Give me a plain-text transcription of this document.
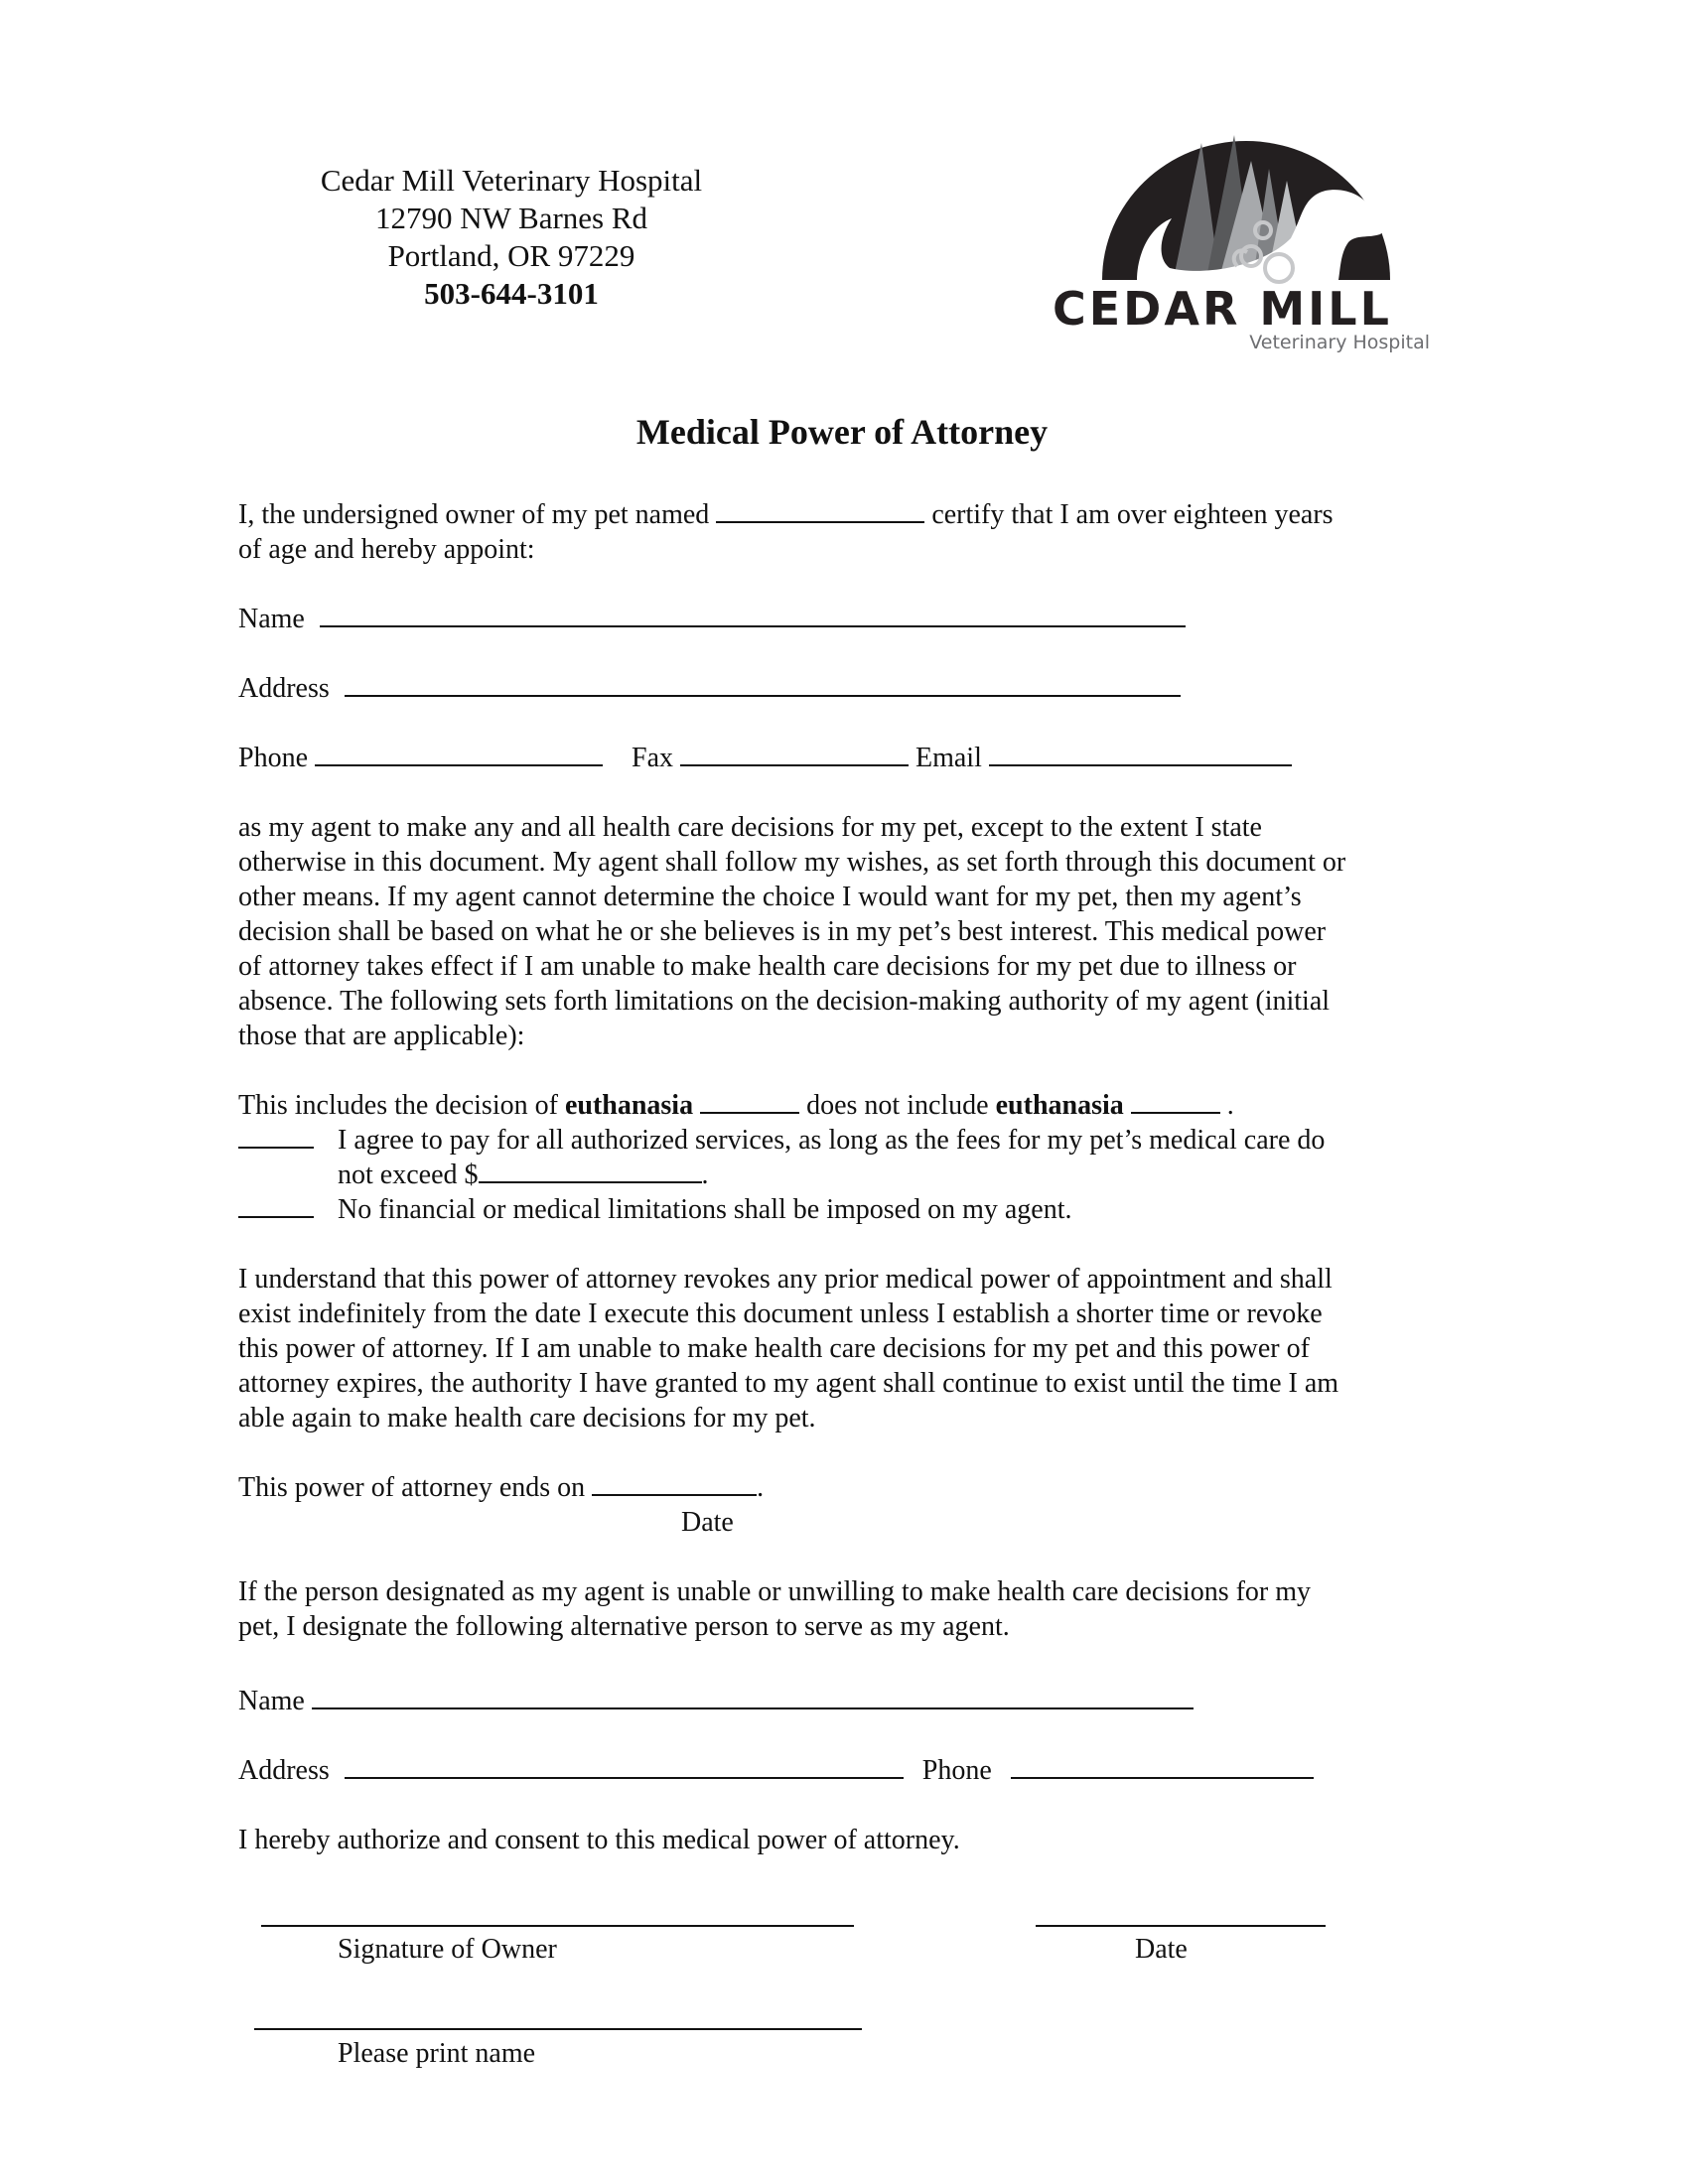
Cedar Mill Veterinary Hospital
12790 NW Barnes Rd
Portland, OR 97229
503-644-3101	CEDAR MILL
Veterinary Hospital
Medical Power of Attorney
I, the undersigned owner of my pet named	certify that I am over eighteen years
of age and hereby appoint:
Name
Address
Phone	Fax	Email
as my agent to make any and all health care decisions for my pet, except to the extent I state
otherwise in this document. My agent shall follow my wishes, as set forth through this document or
other means. If my agent cannot determine the choice I would want for my pet, then my agent’s
decision shall be based on what he or she believes is in my pet’s best interest. This medical power
of attorney takes effect if I am unable to make health care decisions for my pet due to illness or
absence. The following sets forth limitations on the decision-making authority of my agent (initial
those that are applicable):
This includes the decision of euthanasia	does not include euthanasia	.
I agree to pay for all authorized services, as long as the fees for my pet’s medical care do
not exceed $	.
No financial or medical limitations shall be imposed on my agent.
I understand that this power of attorney revokes any prior medical power of appointment and shall
exist indefinitely from the date I execute this document unless I establish a shorter time or revoke
this power of attorney. If I am unable to make health care decisions for my pet and this power of
attorney expires, the authority I have granted to my agent shall continue to exist until the time I am
able again to make health care decisions for my pet.
This power of attorney ends on	.
Date
If the person designated as my agent is unable or unwilling to make health care decisions for my
pet, I designate the following alternative person to serve as my agent.
Name
Address	Phone
I hereby authorize and consent to this medical power of attorney.
Signature of Owner	Date
Please print name
